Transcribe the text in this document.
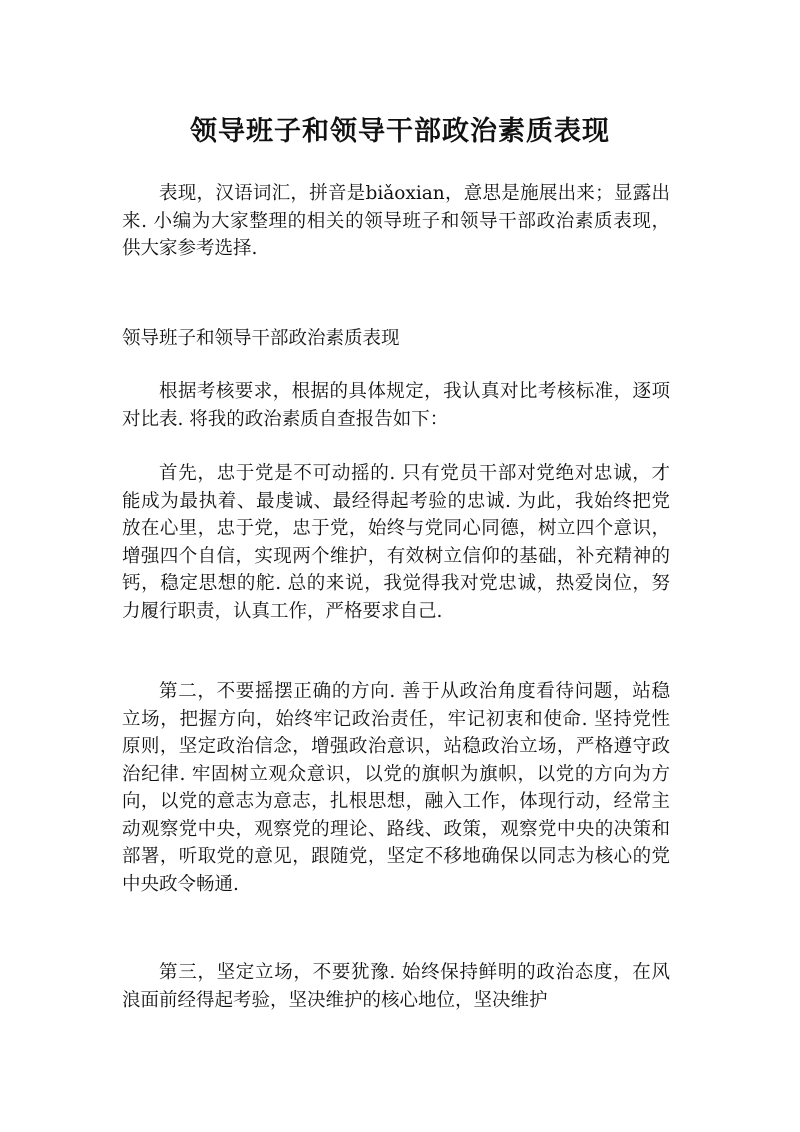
领导班子和领导干部政治素质表现

表现，汉语词汇，拼音是biǎoxian，意思是施展出来；显露出来. 小编为大家整理的相关的领导班子和领导干部政治素质表现，供大家参考选择.

领导班子和领导干部政治素质表现

根据考核要求，根据的具体规定，我认真对比考核标准，逐项对比表. 将我的政治素质自查报告如下：

首先，忠于党是不可动摇的. 只有党员干部对党绝对忠诚，才能成为最执着、最虔诚、最经得起考验的忠诚. 为此，我始终把党放在心里，忠于党，忠于党，始终与党同心同德，树立四个意识，增强四个自信，实现两个维护，有效树立信仰的基础，补充精神的钙，稳定思想的舵. 总的来说，我觉得我对党忠诚，热爱岗位，努力履行职责，认真工作，严格要求自己.

第二，不要摇摆正确的方向. 善于从政治角度看待问题，站稳立场，把握方向，始终牢记政治责任，牢记初衷和使命. 坚持党性原则，坚定政治信念，增强政治意识，站稳政治立场，严格遵守政治纪律. 牢固树立观众意识，以党的旗帜为旗帜，以党的方向为方向，以党的意志为意志，扎根思想，融入工作，体现行动，经常主动观察党中央，观察党的理论、路线、政策，观察党中央的决策和部署，听取党的意见，跟随党，坚定不移地确保以同志为核心的党中央政令畅通.

第三，坚定立场，不要犹豫. 始终保持鲜明的政治态度，在风浪面前经得起考验，坚决维护的核心地位，坚决维护
